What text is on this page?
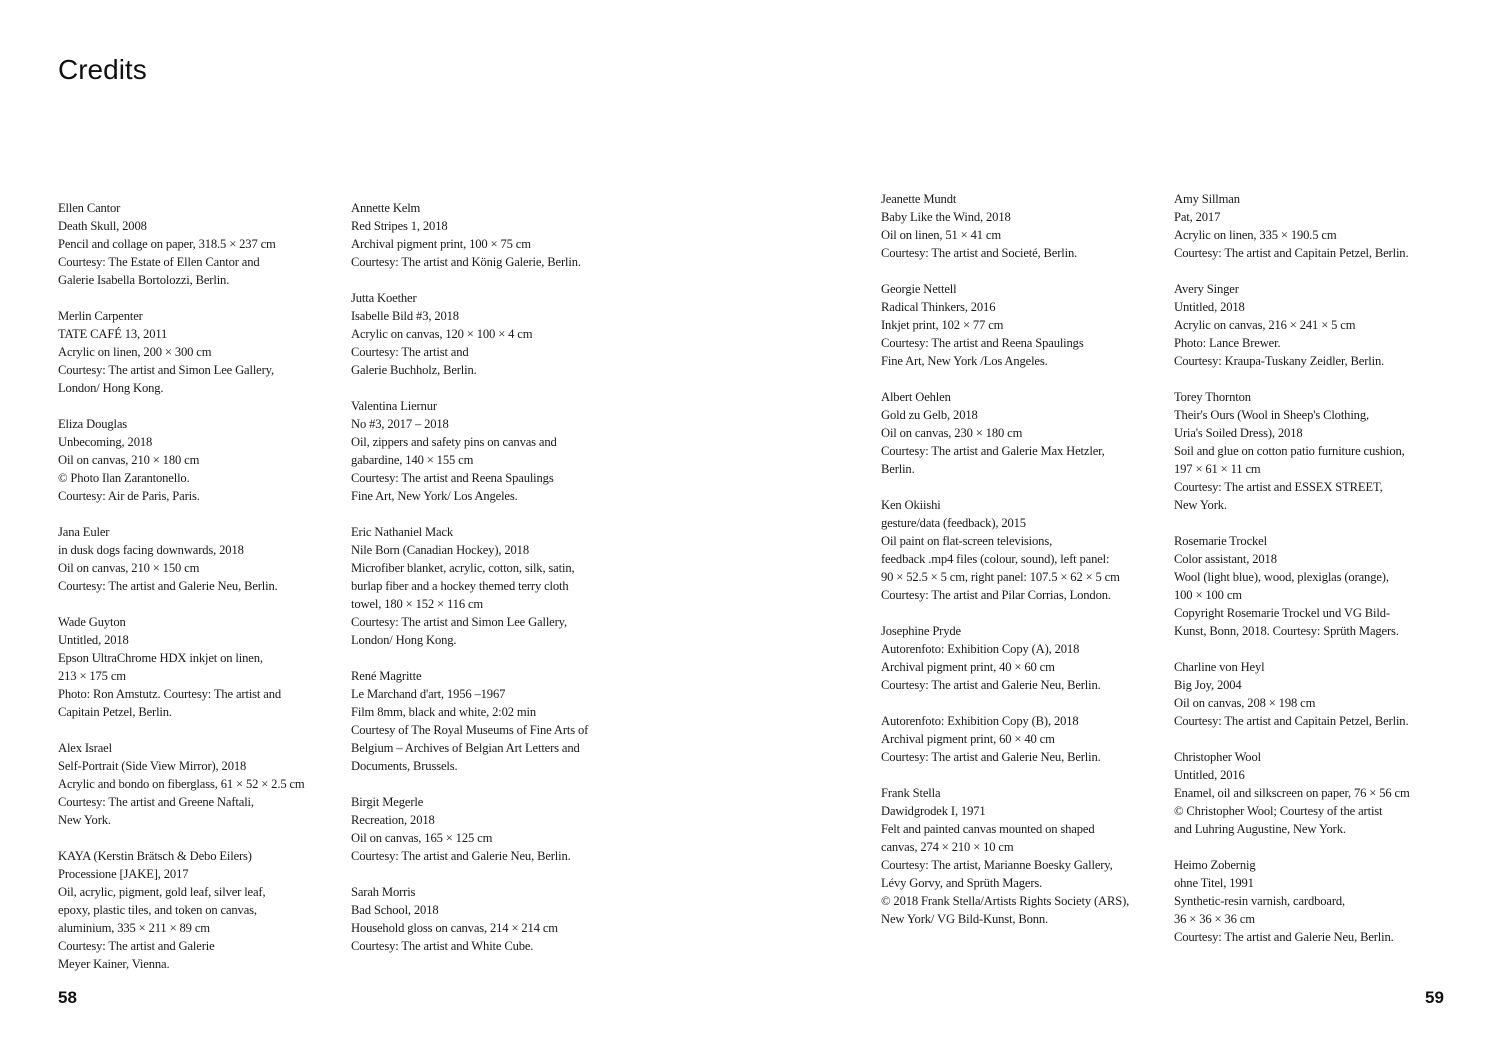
Credits
Ellen Cantor
Death Skull, 2008
Pencil and collage on paper, 318.5 × 237 cm
Courtesy: The Estate of Ellen Cantor and
Galerie Isabella Bortolozzi, Berlin.
Merlin Carpenter
TATE CAFÉ 13, 2011
Acrylic on linen, 200 × 300 cm
Courtesy: The artist and Simon Lee Gallery,
London/ Hong Kong.
Eliza Douglas
Unbecoming, 2018
Oil on canvas, 210 × 180 cm
© Photo Ilan Zarantonello.
Courtesy: Air de Paris, Paris.
Jana Euler
in dusk dogs facing downwards, 2018
Oil on canvas, 210 × 150 cm
Courtesy: The artist and Galerie Neu, Berlin.
Wade Guyton
Untitled, 2018
Epson UltraChrome HDX inkjet on linen,
213 × 175 cm
Photo: Ron Amstutz. Courtesy: The artist and
Capitain Petzel, Berlin.
Alex Israel
Self-Portrait (Side View Mirror), 2018
Acrylic and bondo on fiberglass, 61 × 52 × 2.5 cm
Courtesy: The artist and Greene Naftali,
New York.
KAYA (Kerstin Brätsch & Debo Eilers)
Processione [JAKE], 2017
Oil, acrylic, pigment, gold leaf, silver leaf,
epoxy, plastic tiles, and token on canvas,
aluminium, 335 × 211 × 89 cm
Courtesy: The artist and Galerie
Meyer Kainer, Vienna.
Annette Kelm
Red Stripes 1, 2018
Archival pigment print, 100 × 75 cm
Courtesy: The artist and König Galerie, Berlin.
Jutta Koether
Isabelle Bild #3, 2018
Acrylic on canvas, 120 × 100 × 4 cm
Courtesy: The artist and
Galerie Buchholz, Berlin.
Valentina Liernur
No #3, 2017 – 2018
Oil, zippers and safety pins on canvas and
gabardine, 140 × 155 cm
Courtesy: The artist and Reena Spaulings
Fine Art, New York/ Los Angeles.
Eric Nathaniel Mack
Nile Born (Canadian Hockey), 2018
Microfiber blanket, acrylic, cotton, silk, satin,
burlap fiber and a hockey themed terry cloth
towel, 180 × 152 × 116 cm
Courtesy: The artist and Simon Lee Gallery,
London/ Hong Kong.
René Magritte
Le Marchand d'art, 1956 –1967
Film 8mm, black and white, 2:02 min
Courtesy of The Royal Museums of Fine Arts of
Belgium – Archives of Belgian Art Letters and
Documents, Brussels.
Birgit Megerle
Recreation, 2018
Oil on canvas, 165 × 125 cm
Courtesy: The artist and Galerie Neu, Berlin.
Sarah Morris
Bad School, 2018
Household gloss on canvas, 214 × 214 cm
Courtesy: The artist and White Cube.
Jeanette Mundt
Baby Like the Wind, 2018
Oil on linen, 51 × 41 cm
Courtesy: The artist and Societé, Berlin.
Georgie Nettell
Radical Thinkers, 2016
Inkjet print, 102 × 77 cm
Courtesy: The artist and Reena Spaulings
Fine Art, New York /Los Angeles.
Albert Oehlen
Gold zu Gelb, 2018
Oil on canvas, 230 × 180 cm
Courtesy: The artist and Galerie Max Hetzler,
Berlin.
Ken Okiishi
gesture/data (feedback), 2015
Oil paint on flat-screen televisions,
feedback .mp4 files (colour, sound), left panel:
90 × 52.5 × 5 cm, right panel: 107.5 × 62 × 5 cm
Courtesy: The artist and Pilar Corrias, London.
Josephine Pryde
Autorenfoto: Exhibition Copy (A), 2018
Archival pigment print, 40 × 60 cm
Courtesy: The artist and Galerie Neu, Berlin.
Autorenfoto: Exhibition Copy (B), 2018
Archival pigment print, 60 × 40 cm
Courtesy: The artist and Galerie Neu, Berlin.
Frank Stella
Dawidgrodek I, 1971
Felt and painted canvas mounted on shaped
canvas, 274 × 210 × 10 cm
Courtesy: The artist, Marianne Boesky Gallery,
Lévy Gorvy, and Sprüth Magers.
© 2018 Frank Stella/Artists Rights Society (ARS),
New York/ VG Bild-Kunst, Bonn.
Amy Sillman
Pat, 2017
Acrylic on linen, 335 × 190.5 cm
Courtesy: The artist and Capitain Petzel, Berlin.
Avery Singer
Untitled, 2018
Acrylic on canvas, 216 × 241 × 5 cm
Photo: Lance Brewer.
Courtesy: Kraupa-Tuskany Zeidler, Berlin.
Torey Thornton
Their's Ours (Wool in Sheep's Clothing,
Uria's Soiled Dress), 2018
Soil and glue on cotton patio furniture cushion,
197 × 61 × 11 cm
Courtesy: The artist and ESSEX STREET,
New York.
Rosemarie Trockel
Color assistant, 2018
Wool (light blue), wood, plexiglas (orange),
100 × 100 cm
Copyright Rosemarie Trockel und VG Bild-
Kunst, Bonn, 2018. Courtesy: Sprüth Magers.
Charline von Heyl
Big Joy, 2004
Oil on canvas, 208 × 198 cm
Courtesy: The artist and Capitain Petzel, Berlin.
Christopher Wool
Untitled, 2016
Enamel, oil and silkscreen on paper, 76 × 56 cm
© Christopher Wool; Courtesy of the artist
and Luhring Augustine, New York.
Heimo Zobernig
ohne Titel, 1991
Synthetic-resin varnish, cardboard,
36 × 36 × 36 cm
Courtesy: The artist and Galerie Neu, Berlin.
58	59
